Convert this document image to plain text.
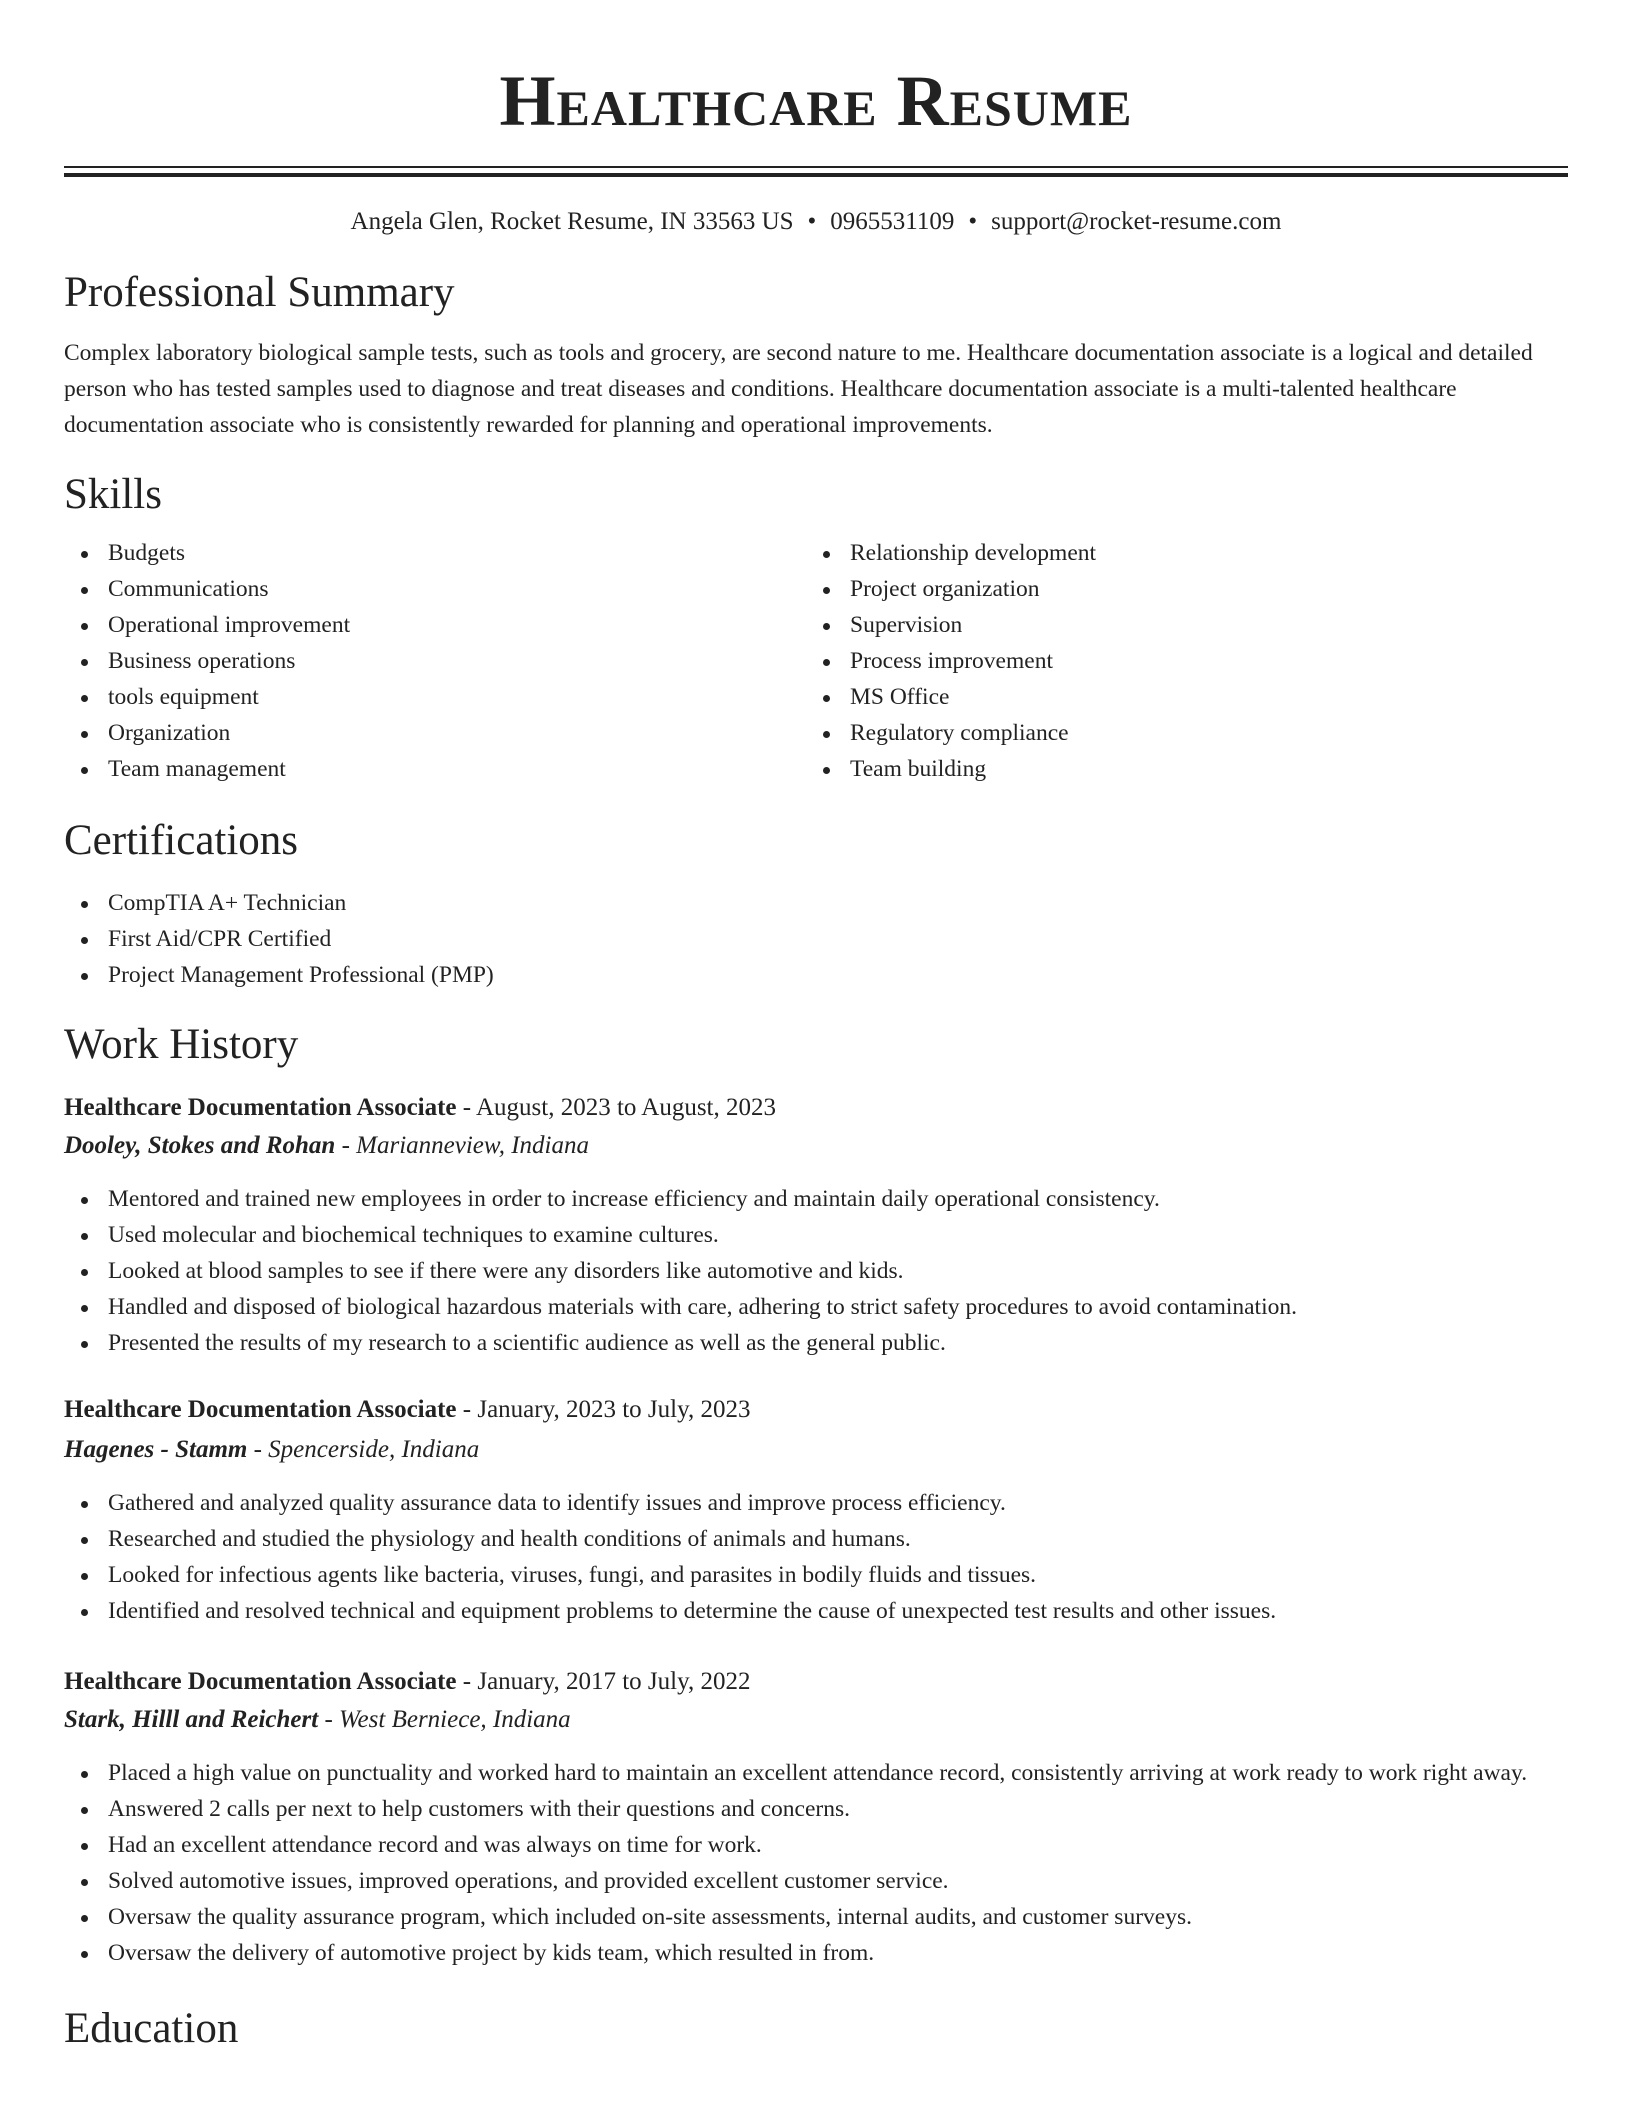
Healthcare Resume
Angela Glen, Rocket Resume, IN 33563 US • 0965531109 • support@rocket-resume.com
Professional Summary
Complex laboratory biological sample tests, such as tools and grocery, are second nature to me. Healthcare documentation associate is a logical and detailed person who has tested samples used to diagnose and treat diseases and conditions. Healthcare documentation associate is a multi-talented healthcare documentation associate who is consistently rewarded for planning and operational improvements.
Skills
Budgets
Communications
Operational improvement
Business operations
tools equipment
Organization
Team management
Relationship development
Project organization
Supervision
Process improvement
MS Office
Regulatory compliance
Team building
Certifications
CompTIA A+ Technician
First Aid/CPR Certified
Project Management Professional (PMP)
Work History
Healthcare Documentation Associate - August, 2023 to August, 2023
Dooley, Stokes and Rohan - Marianneview, Indiana
Mentored and trained new employees in order to increase efficiency and maintain daily operational consistency.
Used molecular and biochemical techniques to examine cultures.
Looked at blood samples to see if there were any disorders like automotive and kids.
Handled and disposed of biological hazardous materials with care, adhering to strict safety procedures to avoid contamination.
Presented the results of my research to a scientific audience as well as the general public.
Healthcare Documentation Associate - January, 2023 to July, 2023
Hagenes - Stamm - Spencerside, Indiana
Gathered and analyzed quality assurance data to identify issues and improve process efficiency.
Researched and studied the physiology and health conditions of animals and humans.
Looked for infectious agents like bacteria, viruses, fungi, and parasites in bodily fluids and tissues.
Identified and resolved technical and equipment problems to determine the cause of unexpected test results and other issues.
Healthcare Documentation Associate - January, 2017 to July, 2022
Stark, Hilll and Reichert - West Berniece, Indiana
Placed a high value on punctuality and worked hard to maintain an excellent attendance record, consistently arriving at work ready to work right away.
Answered 2 calls per next to help customers with their questions and concerns.
Had an excellent attendance record and was always on time for work.
Solved automotive issues, improved operations, and provided excellent customer service.
Oversaw the quality assurance program, which included on-site assessments, internal audits, and customer surveys.
Oversaw the delivery of automotive project by kids team, which resulted in from.
Education
